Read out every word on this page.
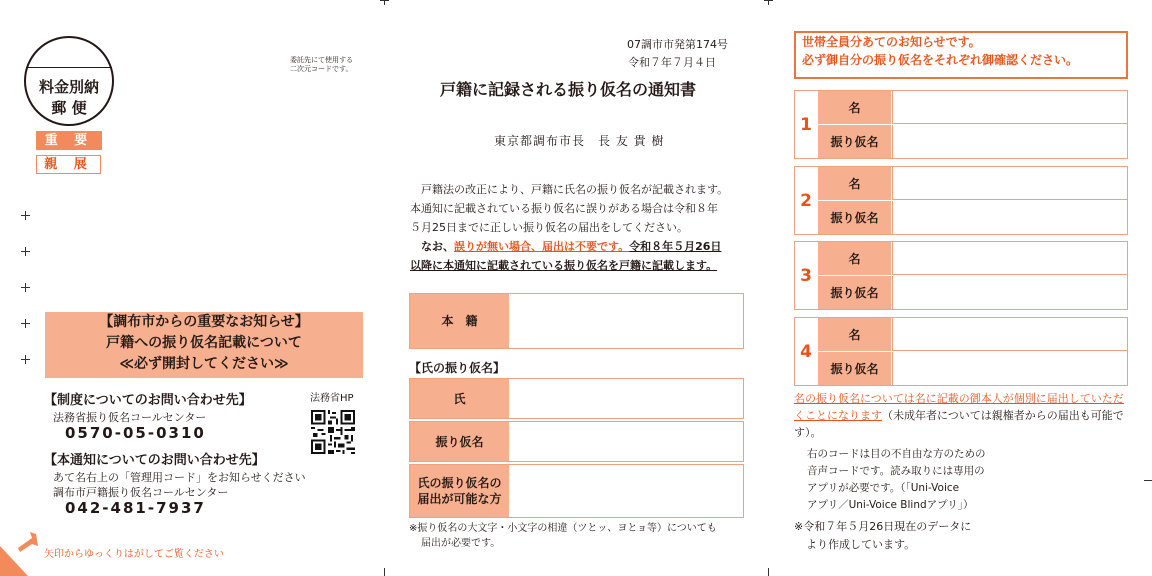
料金別納
郵 便
重 要
親 展
委託先にて使用する
二次元コードです。
【調布市からの重要なお知らせ】
戸籍への振り仮名記載について
≪必ず開封してください≫
【制度についてのお問い合わせ先】
法務省振り仮名コールセンター
0570-05-0310
法務省HP
【本通知についてのお問い合わせ先】
あて名右上の「管理用コード」をお知らせください
調布市戸籍振り仮名コールセンター
042-481-7937
矢印からゆっくりはがしてご覧ください
07調市市発第174号
令和７年７月４日
戸籍に記録される振り仮名の通知書
東京都調布市長　長 友 貴 樹

戸籍法の改正により、戸籍に氏名の振り仮名が記載されます。

本通知に記載されている振り仮名に誤りがある場合は令和８年
５月25日までに正しい振り仮名の届出をしてください。
なお、誤りが無い場合、届出は不要です。令和８年５月26日
以降に本通知に記載されている振り仮名を戸籍に記載します。
本　籍
【氏の振り仮名】
氏
振り仮名
氏の振り仮名の
届出が可能な方
※振り仮名の大文字・小文字の相違（ツとッ、ヨとョ等）についても
届出が必要です。
世帯全員分あてのお知らせです。
必ず御自分の振り仮名をそれぞれ御確認ください。
1
名
振り仮名
2
名
振り仮名
3
名
振り仮名
4
名
振り仮名
名の振り仮名については名に記載の御本人が個別に届出していただくことになります（未成年者については親権者からの届出も可能です）。
右のコードは目の不自由な方のための
音声コードです。読み取りには専用の
アプリが必要です。（「Uni-Voice
アプリ／Uni-Voice Blindアプリ」）
※令和７年５月26日現在のデータに
より作成しています。
